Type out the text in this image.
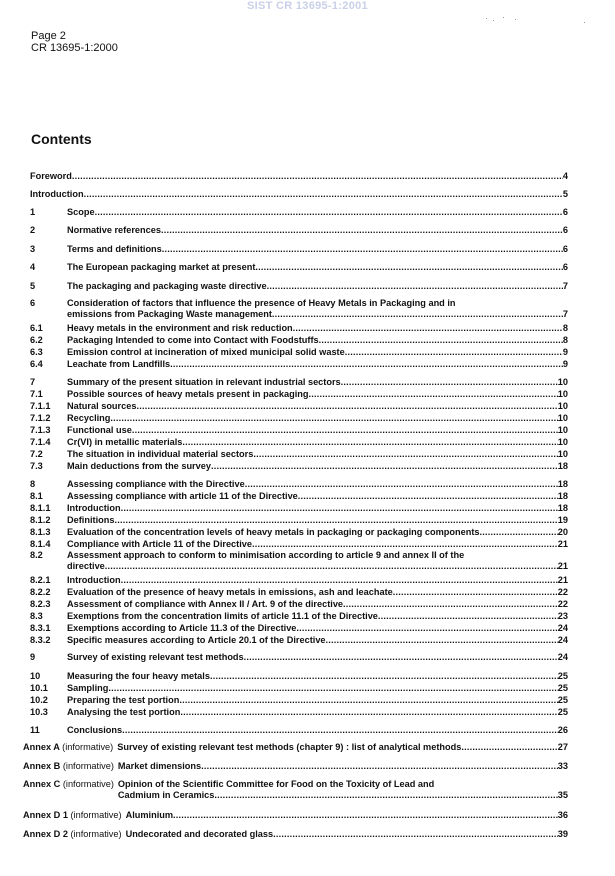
SIST CR 13695-1:2001
Page 2
CR 13695-1:2000
Contents
Foreword .....	4
Introduction .....	5
1	Scope .....	6
2	Normative references .....	6
3	Terms and definitions .....	6
4	The European packaging market at present .....	6
5	The packaging and packaging waste directive .....	7
6	Consideration of factors that influence the presence of Heavy Metals in Packaging and in
emissions from Packaging Waste management .....	7
6.1	Heavy metals in the environment and risk reduction .....	8
6.2	Packaging Intended to come into Contact with Foodstuffs .....	8
6.3	Emission control at incineration of mixed municipal solid waste .....	9
6.4	Leachate from Landfills .....	9
7	Summary of the present situation in relevant industrial sectors .....	10
7.1	Possible sources of heavy metals present in packaging .....	10
7.1.1	Natural sources .....	10
7.1.2	Recycling .....	10
7.1.3	Functional use .....	10
7.1.4	Cr(VI) in metallic materials .....	10
7.2	The situation in individual material sectors .....	10
7.3	Main deductions from the survey .....	18
8	Assessing compliance with the Directive .....	18
8.1	Assessing compliance with article 11 of the Directive .....	18
8.1.1	Introduction .....	18
8.1.2	Definitions .....	19
8.1.3	Evaluation of the concentration levels of heavy metals in packaging or packaging components .....	20
8.1.4	Compliance with Article 11 of the Directive .....	21
8.2	Assessment approach to conform to minimisation according to article 9 and annex II of the
directive .....	21
8.2.1	Introduction .....	21
8.2.2	Evaluation of the presence of heavy metals in emissions, ash and leachate .....	22
8.2.3	Assessment of compliance with Annex II / Art. 9 of the directive .....	22
8.3	Exemptions from the concentration limits of article 11.1 of the Directive .....	23
8.3.1	Exemptions according to Article 11.3 of the Directive .....	24
8.3.2	Specific measures according to Article 20.1 of the Directive .....	24
9	Survey of existing relevant test methods .....	24
10	Measuring the four heavy metals .....	25
10.1	Sampling .....	25
10.2	Preparing the test portion .....	25
10.3	Analysing the test portion .....	25
11	Conclusions .....	26
Annex A (informative) Survey of existing relevant test methods (chapter 9) : list of analytical methods .....	27
Annex B (informative) Market dimensions .....	33
Annex C (informative) Opinion of the Scientific Committee for Food on the Toxicity of Lead and
Cadmium in Ceramics .....	35
Annex D 1 (informative) Aluminium .....	36
Annex D 2 (informative) Undecorated and decorated glass .....	39
